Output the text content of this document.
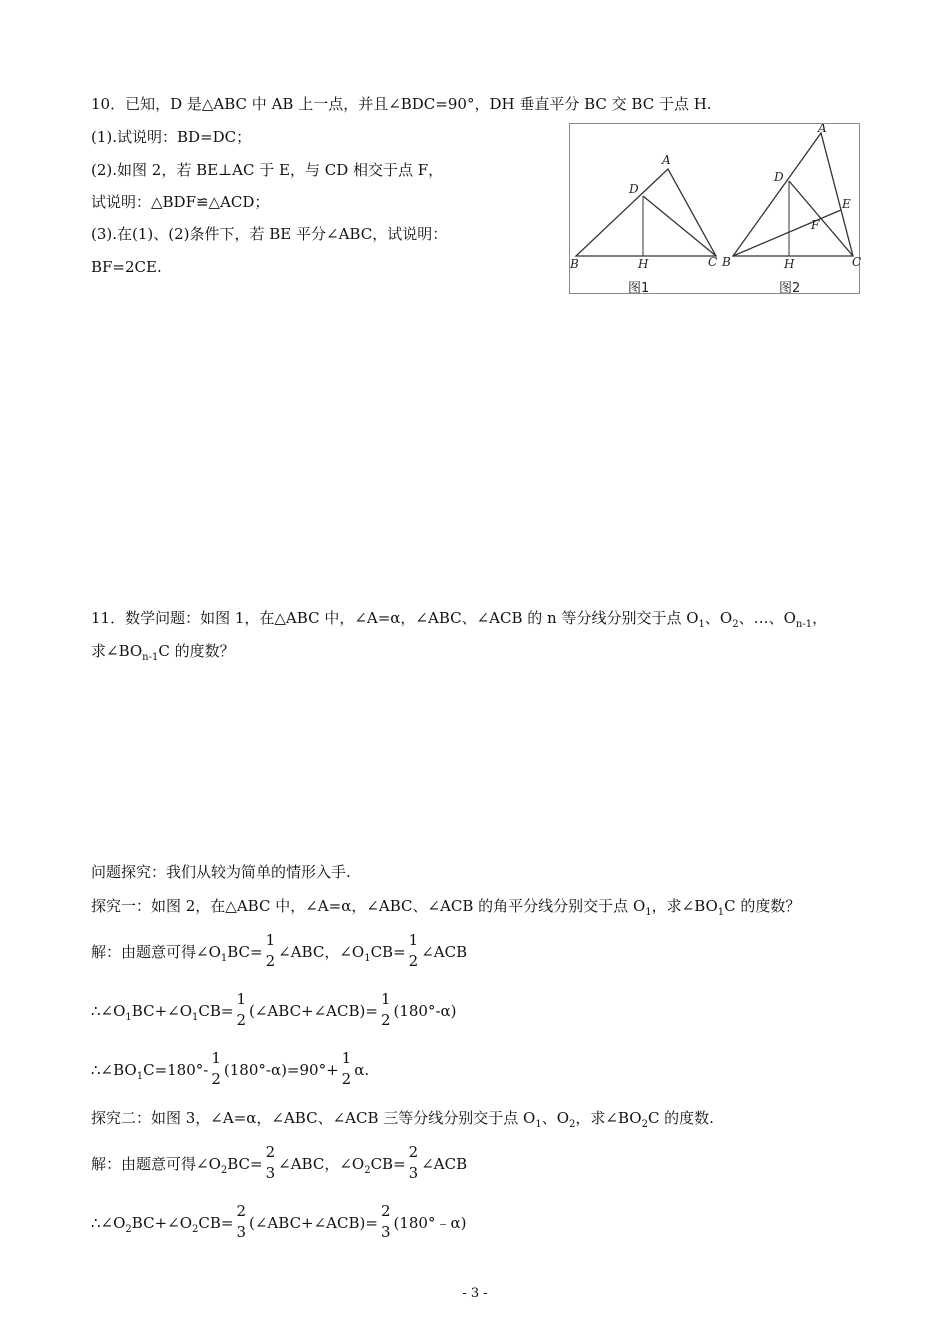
10．已知，D 是△ABC 中 AB 上一点，并且∠BDC=90°，DH 垂直平分 BC 交 BC 于点 H.
(1).试说明：BD=DC；
(2).如图 2，若 BE⊥AC 于 E，与 CD 相交于点 F，
试说明：△BDF≌△ACD；
(3).在(1)、(2)条件下，若 BE 平分∠ABC，试说明：
BF=2CE.
A
D
B	H	C
A
D
E
F
B	H	C
图1	图2
11．数学问题：如图 1，在△ABC 中，∠A=α，∠ABC、∠ACB 的 n 等分线分别交于点 $O_1$、$O_2$、…、$O_{n-1}$，
求$\angle BO_{n-1}C$ 的度数？
问题探究：我们从较为简单的情形入手.
探究一：如图 2，在△ABC 中，∠A=α，∠ABC、∠ACB 的角平分线分别交于点 $O_1$，求$\angle BO_1C$ 的度数？
解：由题意可得$\angle O_1BC=$
1
2 ∠ABC，$\angle O_1CB=$
1
2 ∠ACB
$\therefore\angle O_1BC+\angle O_1CB=$
1
2 (∠ABC+∠ACB)=
1
2 (180°-α)
$\therefore\angle BO_1C=180^\circ-$
1
2 (180°-α)=90°+
1
2 α.
探究二：如图 3，∠A=α，∠ABC、∠ACB 三等分线分别交于点 $O_1$、$O_2$，求$\angle BO_2C$ 的度数.
解：由题意可得$\angle O_2BC=$
2
3 ∠ABC，$\angle O_2CB=$
2
3 ∠ACB
$\therefore\angle O_2BC+\angle O_2CB=$
2
3 (∠ABC+∠ACB)=
2
3 (180°﹣α)
- 3 -
